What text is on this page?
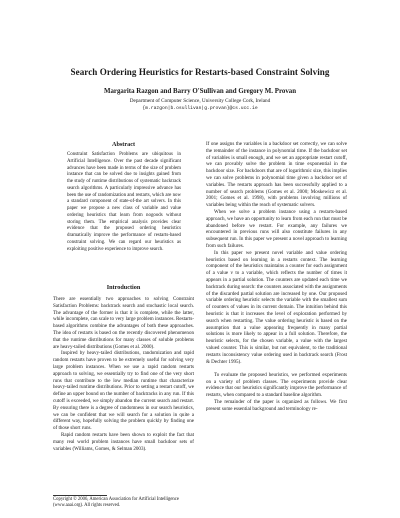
Search Ordering Heuristics for Restarts-based Constraint Solving
Margarita Razgon and Barry O'Sullivan and Gregory M. Provan
Department of Computer Science, University College Cork, Ireland
{m.razgon|b.osullivan|g.provan}@cs.ucc.ie
Abstract
Constraint Satisfaction Problems are ubiquitous in Artificial Intelligence. Over the past decade significant advances have been made in terms of the size of problem instance that can be solved due to insights gained from the study of runtime distributions of systematic backtrack search algorithms. A particularly impressive advance has been the use of randomization and restarts, which are now a standard component of state-of-the art solvers. In this paper we propose a new class of variable and value ordering heuristics that learn from nogoods without storing them. The empirical analysis provides clear evidence that the proposed ordering heuristics dramatically improve the performance of restarts-based constraint solving. We can regard our heuristics as exploiting positive experience to improve search.
Introduction

There are essentially two approaches to solving Constraint Satisfaction Problems: backtrack search and stochastic local search. The advantage of the former is that it is complete, while the latter, while incomplete, can scale to very large problem instances. Restarts-based algorithms combine the advantages of both these approaches. The idea of restarts is based on the recently discovered phenomenon that the runtime distributions for many classes of soluble problems are heavy-tailed distributions (Gomes et al. 2000).

Inspired by heavy-tailed distributions, randomization and rapid random restarts have proven to be extremely useful for solving very large problem instances. When we use a rapid random restarts approach to solving, we essentially try to find one of the very short runs that contribute to the low median runtime that characterize heavy-tailed runtime distributions. Prior to setting a restart cutoff, we define an upper bound on the number of backtracks in any run. If this cutoff is exceeded, we simply abandon the current search and restart. By ensuring there is a degree of randomness in our search heuristics, we can be confident that we will search for a solution in quite a different way, hopefully solving the problem quickly by finding one of those short runs.

Rapid random restarts have been shown to exploit the fact that many real world problem instances have small backdoor sets of variables (Williams, Gomes, & Selman 2003).

Copyright © 2006, American Association for Artificial Intelligence (www.aaai.org). All rights reserved.

If one assigns the variables in a backdoor set correctly, we can solve the remainder of the instance in polynomial time. If the backdoor set of variables is small enough, and we set an appropriate restart cutoff, we can provably solve the problem in time exponential in the backdoor size. For backdoors that are of logarithmic size, this implies we can solve problems in polynomial time given a backdoor set of variables. The restarts approach has been successfully applied to a number of search problems (Gomes et al. 2000; Moskewicz et al. 2001; Gomes et al. 1998), with problems involving millions of variables being within the reach of systematic solvers.

When we solve a problem instance using a restarts-based approach, we have an opportunity to learn from each run that must be abandoned before we restart. For example, any failures we encountered in previous runs will also constitute failures in any subsequent run. In this paper we present a novel approach to learning from such failures.

In this paper we present novel variable and value ordering heuristics based on learning in a restarts context. The learning component of the heuristics maintains a counter for each assignment of a value v to a variable, which reflects the number of times it appears in a partial solution. The counters are updated each time we backtrack during search: the counters associated with the assignments of the discarded partial solution are increased by one. Our proposed variable ordering heuristic selects the variable with the smallest sum of counters of values in its current domain. The intuition behind this heuristic is that it increases the level of exploration performed by search when restarting. The value ordering heuristic is based on the assumption that a value appearing frequently in many partial solutions is more likely to appear in a full solution. Therefore, the heuristic selects, for the chosen variable, a value with the largest valued counter. This is similar, but not equivalent, to the traditional restarts inconsistency value ordering used in backtrack search (Frost & Dechter 1995).

To evaluate the proposed heuristics, we performed experiments on a variety of problem classes. The experiments provide clear evidence that our heuristics significantly improve the performance of restarts, when compared to a standard baseline algorithm.

The remainder of the paper is organized as follows. We first present some essential background and terminology re-
